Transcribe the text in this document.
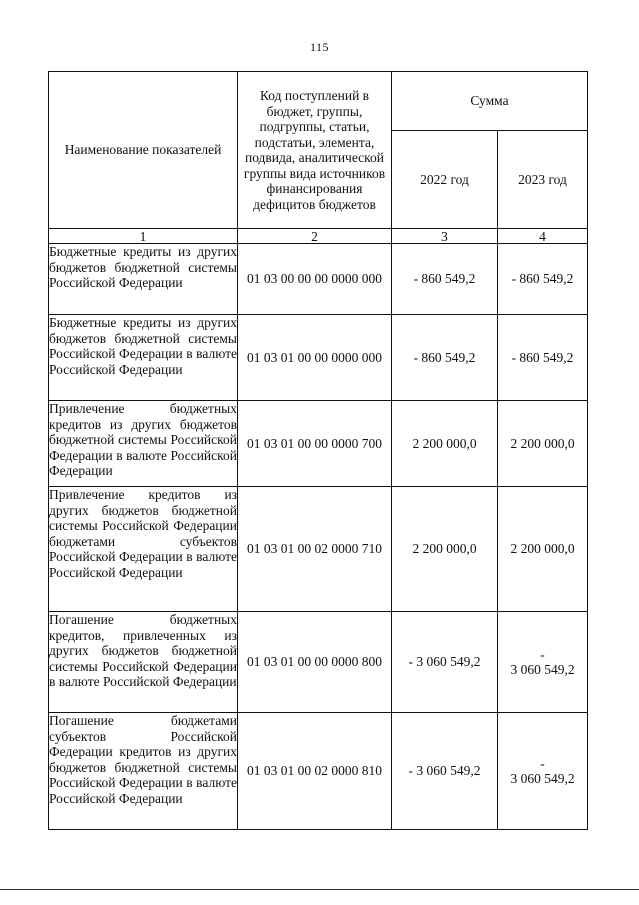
115
Наименование показателей	Код поступлений в бюджет, группы, подгруппы, статьи, подстатьи, элемента, подвида, аналитической группы вида источников финансирования дефицитов бюджетов	Сумма	
		2022 год	2023 год
1	2	3	4
Бюджетные кредиты из других бюджетов бюджетной системы Российской Федерации	01 03 00 00 00 0000 000	- 860 549,2	- 860 549,2
Бюджетные кредиты из других бюджетов бюджетной системы Российской Федерации в валюте Российской Федерации	01 03 01 00 00 0000 000	- 860 549,2	- 860 549,2
Привлечение бюджетных кредитов из других бюджетов бюджетной системы Российской Федерации в валюте Российской Федерации	01 03 01 00 00 0000 700	2 200 000,0	2 200 000,0
Привлечение кредитов из других бюджетов бюджетной системы Российской Федерации бюджетами субъектов Российской Федерации в валюте Российской Федерации	01 03 01 00 02 0000 710	2 200 000,0	2 200 000,0
Погашение бюджетных кредитов, привлеченных из других бюджетов бюджетной системы Российской Федерации в валюте Российской Федерации	01 03 01 00 00 0000 800	- 3 060 549,2	-
3 060 549,2

Погашение бюджетами субъектов Российской Федерации кредитов из других бюджетов бюджетной системы Российской Федерации в валюте Российской Федерации	01 03 01 00 02 0000 810	- 3 060 549,2	-
3 060 549,2
